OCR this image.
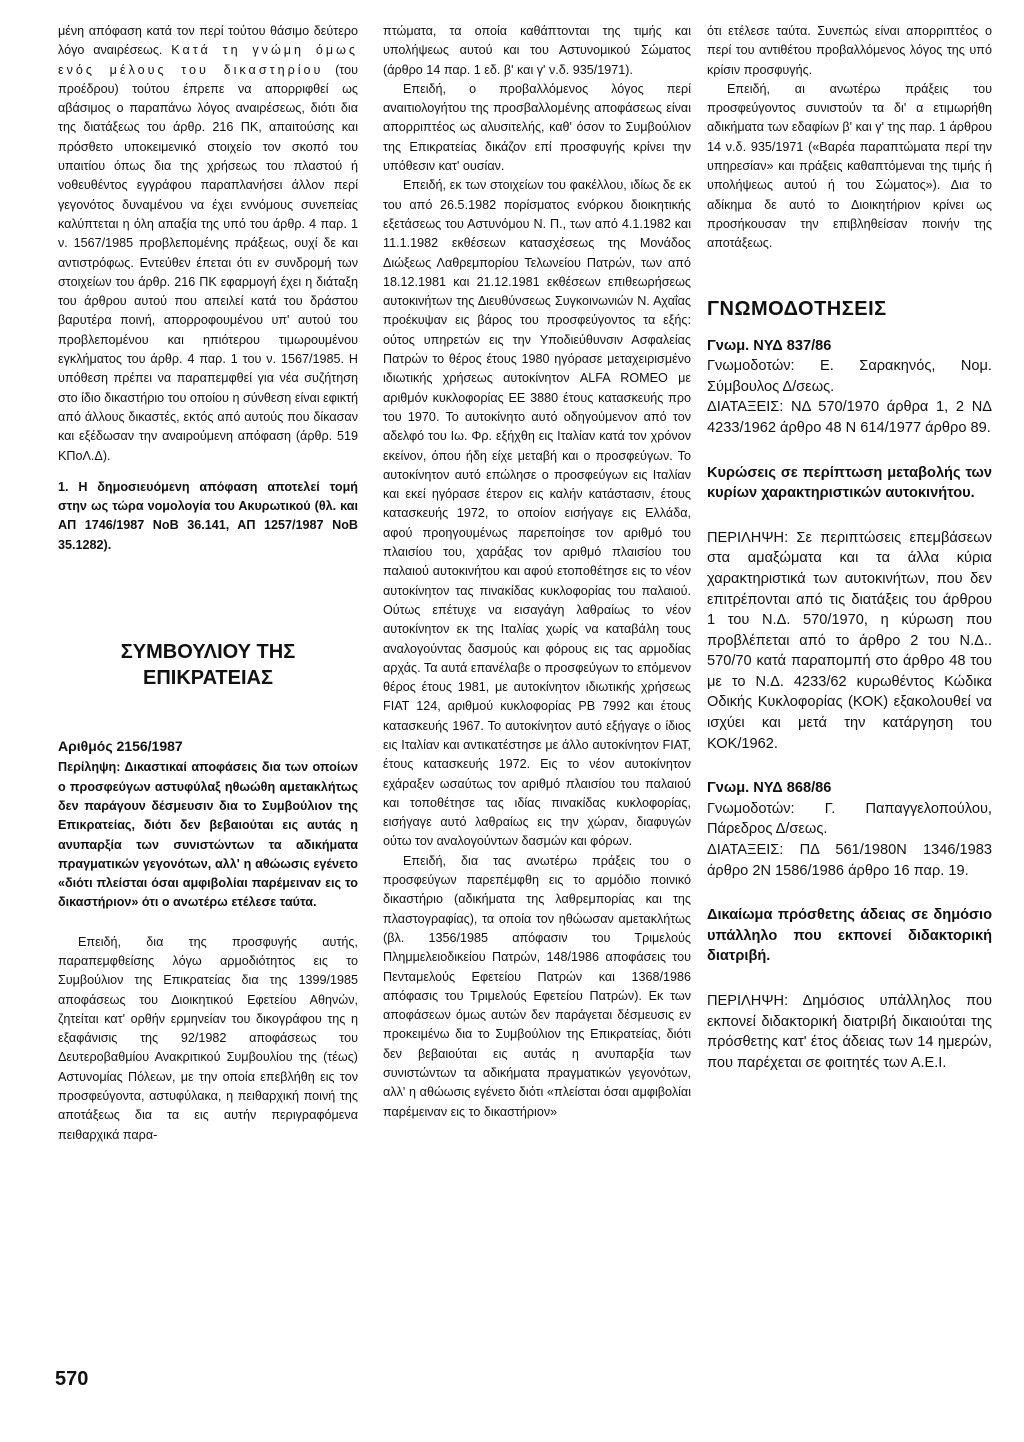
μένη απόφαση κατά τον περί τούτου θάσιμο δεύτερο λόγο αναιρέσεως. Κατά τη γνώμη όμως ενός μέλους του δικαστηρίου (του προέδρου) τούτου έπρεπε να απορριφθεί ως αβάσιμος ο παραπάνω λόγος αναιρέσεως, διότι δια της διατάξεως του άρθρ. 216 ΠΚ, απαιτούσης και πρόσθετο υποκειμενικό στοιχείο τον σκοπό του υπαιτίου όπως δια της χρήσεως του πλαστού ή νοθευθέντος εγγράφου παραπλανήσει άλλον περί γεγονότος δυναμένου να έχει εννόμους συνεπείας καλύπτεται η όλη απαξία της υπό του άρθρ. 4 παρ. 1 ν. 1567/1985 προβλεπομένης πράξεως, ουχί δε και αντιστρόφως. Εντεύθεν έπεται ότι εν συνδρομή των στοιχείων του άρθρ. 216 ΠΚ εφαρμογή έχει η διάταξη του άρθρου αυτού που απειλεί κατά του δράστου βαρυτέρα ποινή, απορροφουμένου υπ' αυτού του προβλεπομένου και ηπιότερου τιμωρουμένου εγκλήματος του άρθρ. 4 παρ. 1 του ν. 1567/1985. Η υπόθεση πρέπει να παραπεμφθεί για νέα συζήτηση στο ίδιο δικαστήριο του οποίου η σύνθεση είναι εφικτή από άλλους δικαστές, εκτός από αυτούς που δίκασαν και εξέδωσαν την αναιρούμενη απόφαση (άρθρ. 519 ΚΠοΛ.Δ).

1. Η δημοσιευόμενη απόφαση αποτελεί τομή στην ως τώρα νομολογία του Ακυρωτικού (θλ. και ΑΠ 1746/1987 ΝοΒ 36.141, ΑΠ 1257/1987 ΝοΒ 35.1282).

ΣΥΜΒΟΥΛΙΟΥ ΤΗΣ ΕΠΙΚΡΑΤΕΙΑΣ

Αριθμός 2156/1987

Περίληψη: Δικαστικαί αποφάσεις δια των οποίων ο προσφεύγων αστυφύλαξ ηθωώθη αμετακλήτως δεν παράγουν δέσμευσιν δια το Συμβούλιον της Επικρατείας, διότι δεν βεβαιούται εις αυτάς η ανυπαρξία των συνιστώντων τα αδικήματα πραγματικών γεγονότων, αλλ' η αθώωσις εγένετο «διότι πλείσται όσαι αμφιβολίαι παρέμειναν εις το δικαστήριον» ότι ο ανωτέρω ετέλεσε ταύτα.

Επειδή, δια της προσφυγής αυτής, παραπεμφθείσης λόγω αρμοδιότητος εις το Συμβούλιον της Επικρατείας δια της 1399/1985 αποφάσεως του Διοικητικού Εφετείου Αθηνών, ζητείται κατ' ορθήν ερμηνείαν του δικογράφου της η εξαφάνισις της 92/1982 αποφάσεως του Δευτεροβαθμίου Ανακριτικού Συμβουλίου της (τέως) Αστυνομίας Πόλεων, με την οποία επεβλήθη εις τον προσφεύγοντα, αστυφύλακα, η πειθαρχική ποινή της αποτάξεως δια τα εις αυτήν περιγραφόμενα πειθαρχικά παρα-

πτώματα, τα οποία καθάπτονται της τιμής και υπολήψεως αυτού και του Αστυνομικού Σώματος (άρθρο 14 παρ. 1 εδ. β' και γ' ν.δ. 935/1971).

Επειδή, ο προβαλλόμενος λόγος περί αναιτιολογήτου της προσβαλλομένης αποφάσεως είναι απορριπτέος ως αλυσιτελής, καθ' όσον το Συμβούλιον της Επικρατείας δικάζον επί προσφυγής κρίνει την υπόθεσιν κατ' ουσίαν.

Επειδή, εκ των στοιχείων του φακέλλου, ιδίως δε εκ του από 26.5.1982 πορίσματος ενόρκου διοικητικής εξετάσεως του Αστυνόμου Ν. Π., των από 4.1.1982 και 11.1.1982 εκθέσεων κατασχέσεως της Μονάδος Διώξεως Λαθρεμπορίου Τελωνείου Πατρών, των από 18.12.1981 και 21.12.1981 εκθέσεων επιθεωρήσεως αυτοκινήτων της Διευθύνσεως Συγκοινωνιών Ν. Αχαΐας προέκυψαν εις βάρος του προσφεύγοντος τα εξής: ούτος υπηρετών εις την Υποδιεύθυνσιν Ασφαλείας Πατρών το θέρος έτους 1980 ηγόρασε μεταχειρισμένο ιδιωτικής χρήσεως αυτοκίνητον ALFA ROMEO με αριθμόν κυκλοφορίας ΕΕ 3880 έτους κατασκευής προ του 1970. Το αυτοκίνητο αυτό οδηγούμενον από τον αδελφό του Ιω. Φρ. εξήχθη εις Ιταλίαν κατά τον χρόνον εκείνον, όπου ήδη είχε μεταβή και ο προσφεύγων. Το αυτοκίνητον αυτό επώλησε ο προσφεύγων εις Ιταλίαν και εκεί ηγόρασε έτερον εις καλήν κατάστασιν, έτους κατασκευής 1972, το οποίον εισήγαγε εις Ελλάδα, αφού προηγουμένως παρεποίησε τον αριθμό του πλαισίου του, χαράξας τον αριθμό πλαισίου του παλαιού αυτοκινήτου και αφού ετοποθέτησε εις το νέον αυτοκίνητον τας πινακίδας κυκλοφορίας του παλαιού. Ούτως επέτυχε να εισαγάγη λαθραίως το νέον αυτοκίνητον εκ της Ιταλίας χωρίς να καταβάλη τους αναλογούντας δασμούς και φόρους εις τας αρμοδίας αρχάς. Τα αυτά επανέλαβε ο προσφεύγων το επόμενον θέρος έτους 1981, με αυτοκίνητον ιδιωτικής χρήσεως FIAT 124, αριθμού κυκλοφορίας ΡΒ 7992 και έτους κατασκευής 1967. Το αυτοκίνητον αυτό εξήγαγε ο ίδιος εις Ιταλίαν και αντικατέστησε με άλλο αυτοκίνητον FIAT, έτους κατασκευής 1972. Εις το νέον αυτοκίνητον εχάραξεν ωσαύτως τον αριθμό πλαισίου του παλαιού και τοποθέτησε τας ιδίας πινακίδας κυκλοφορίας, εισήγαγε αυτό λαθραίως εις την χώραν, διαφυγών ούτω τον αναλογούντων δασμών και φόρων.

Επειδή, δια τας ανωτέρω πράξεις του ο προσφεύγων παρεπέμφθη εις το αρμόδιο ποινικό δικαστήριο (αδικήματα της λαθρεμπορίας και της πλαστογραφίας), τα οποία τον ηθώωσαν αμετακλήτως (βλ. 1356/1985 απόφασιν του Τριμελούς Πλημμελειοδικείου Πατρών, 148/1986 αποφάσεις του Πενταμελούς Εφετείου Πατρών και 1368/1986 απόφασις του Τριμελούς Εφετείου Πατρών). Εκ των αποφάσεων όμως αυτών δεν παράγεται δέσμευσις εν προκειμένω δια το Συμβούλιον της Επικρατείας, διότι δεν βεβαιούται εις αυτάς η ανυπαρξία των συνιστώντων τα αδικήματα πραγματικών γεγονότων, αλλ' η αθώωσις εγένετο διότι «πλείσται όσαι αμφιβολίαι παρέμειναν εις το δικαστήριον»

ότι ετέλεσε ταύτα. Συνεπώς είναι απορριπτέος ο περί του αντιθέτου προβαλλόμενος λόγος της υπό κρίσιν προσφυγής.

Επειδή, αι ανωτέρω πράξεις του προσφεύγοντος συνιστούν τα δι' α ετιμωρήθη αδικήματα των εδαφίων β' και γ' της παρ. 1 άρθρου 14 ν.δ. 935/1971 («Βαρέα παραπτώματα περί την υπηρεσίαν» και πράξεις καθαπτόμεναι της τιμής ή υπολήψεως αυτού ή του Σώματος»). Δια το αδίκημα δε αυτό το Διοικητήριον κρίνει ως προσήκουσαν την επιβληθείσαν ποινήν της αποτάξεως.

ΓΝΩΜΟΔΟΤΗΣΕΙΣ

Γνωμ. ΝΥΔ 837/86

Γνωμοδοτών: Ε. Σαρακηνός, Νομ. Σύμβουλος Δ/σεως.

ΔΙΑΤΑΞΕΙΣ: ΝΔ 570/1970 άρθρα 1, 2 ΝΔ 4233/1962 άρθρο 48 Ν 614/1977 άρθρο 89.

Κυρώσεις σε περίπτωση μεταβολής των κυρίων χαρακτηριστικών αυτοκινήτου.

ΠΕΡΙΛΗΨΗ: Σε περιπτώσεις επεμβάσεων στα αμαξώματα και τα άλλα κύρια χαρακτηριστικά των αυτοκινήτων, που δεν επιτρέπονται από τις διατάξεις του άρθρου 1 του Ν.Δ. 570/1970, η κύρωση που προβλέπεται από το άρθρο 2 του Ν.Δ.. 570/70 κατά παραπομπή στο άρθρο 48 του με το Ν.Δ. 4233/62 κυρωθέντος Κώδικα Οδικής Κυκλοφορίας (ΚΟΚ) εξακολουθεί να ισχύει και μετά την κατάργηση του ΚΟΚ/1962.

Γνωμ. ΝΥΔ 868/86

Γνωμοδοτών: Γ. Παπαγγελοπούλου, Πάρεδρος Δ/σεως.

ΔΙΑΤΑΞΕΙΣ: ΠΔ 561/1980Ν 1346/1983 άρθρο 2Ν 1586/1986 άρθρο 16 παρ. 19.

Δικαίωμα πρόσθετης άδειας σε δημόσιο υπάλληλο που εκπονεί διδακτορική διατριβή.

ΠΕΡΙΛΗΨΗ: Δημόσιος υπάλληλος που εκπονεί διδακτορική διατριβή δικαιούται της πρόσθετης κατ' έτος άδειας των 14 ημερών, που παρέχεται σε φοιτητές των Α.Ε.Ι.

570
